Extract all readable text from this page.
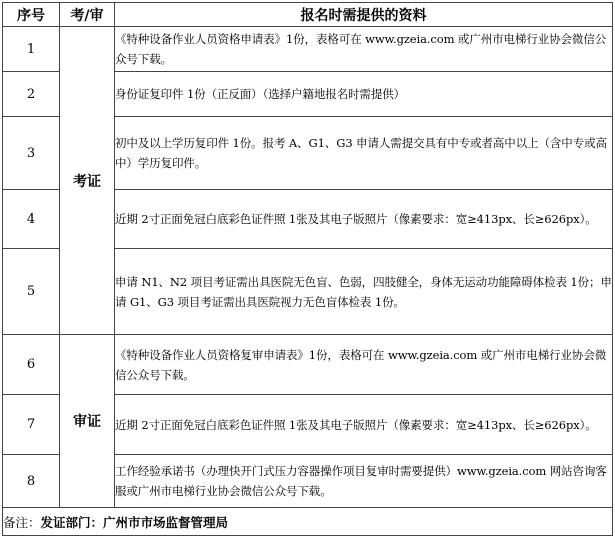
序号	考/审	报名时需提供的资料
1	考证	《特种设备作业人员资格申请表》1份，表格可在 www.gzeia.com 或广州市电梯行业协会微信公众号下载。
2		身份证复印件 1份（正反面）（选择户籍地报名时需提供）
3		初中及以上学历复印件 1份。报考 A、G1、G3 申请人需提交具有中专或者高中以上（含中专或高中）学历复印件。
4		近期 2寸正面免冠白底彩色证件照 1张及其电子版照片（像素要求：宽≥413px、长≥626px）。
5		申请 N1、N2 项目考证需出具医院无色盲、色弱，四肢健全，身体无运动功能障碍体检表 1份；申请 G1、G3 项目考证需出具医院视力无色盲体检表 1份。
6	审证	《特种设备作业人员资格复审申请表》1份，表格可在 www.gzeia.com 或广州市电梯行业协会微信公众号下载。
7		近期 2寸正面免冠白底彩色证件照 1张及其电子版照片（像素要求：宽≥413px、长≥626px）。
8		工作经验承诺书（办理快开门式压力容器操作项目复审时需要提供）www.gzeia.com 网站咨询客服或广州市电梯行业协会微信公众号下载。
备注：发证部门：广州市市场监督管理局		
